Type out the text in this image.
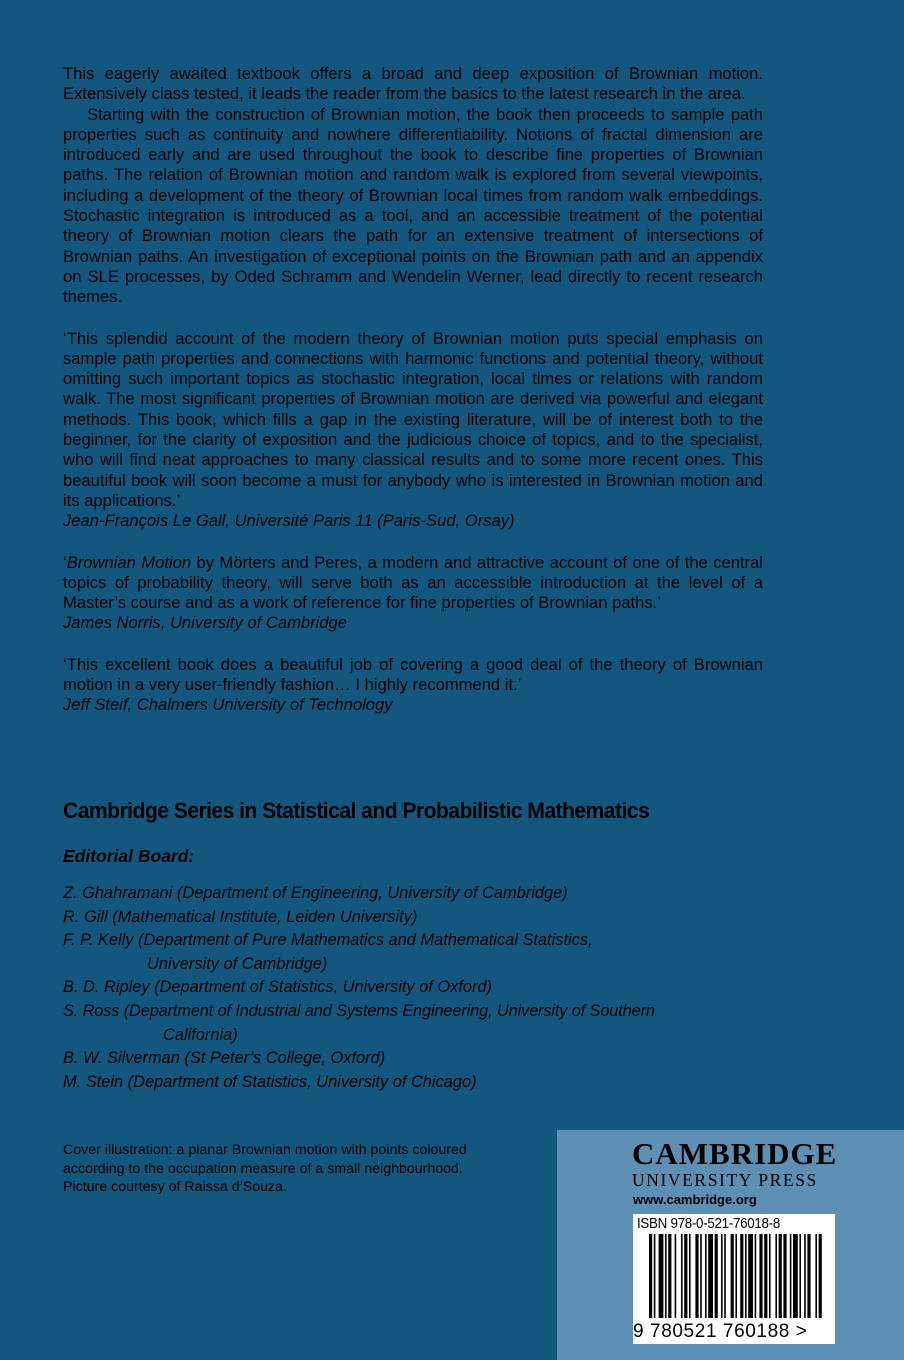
This eagerly awaited textbook offers a broad and deep exposition of Brownian motion. Extensively class tested, it leads the reader from the basics to the latest research in the area.

Starting with the construction of Brownian motion, the book then proceeds to sample path properties such as continuity and nowhere differentiability. Notions of fractal dimension are introduced early and are used throughout the book to describe fine properties of Brownian paths. The relation of Brownian motion and random walk is explored from several viewpoints, including a development of the theory of Brownian local times from random walk embeddings. Stochastic integration is introduced as a tool, and an accessible treatment of the potential theory of Brownian motion clears the path for an extensive treatment of intersections of Brownian paths. An investigation of exceptional points on the Brownian path and an appendix on SLE processes, by Oded Schramm and Wendelin Werner, lead directly to recent research themes.

‘This splendid account of the modern theory of Brownian motion puts special emphasis on sample path properties and connections with harmonic functions and potential theory, without omitting such important topics as stochastic integration, local times or relations with random walk. The most significant properties of Brownian motion are derived via powerful and elegant methods. This book, which fills a gap in the existing literature, will be of interest both to the beginner, for the clarity of exposition and the judicious choice of topics, and to the specialist, who will find neat approaches to many classical results and to some more recent ones. This beautiful book will soon become a must for anybody who is interested in Brownian motion and its applications.’

Jean-François Le Gall, Université Paris 11 (Paris-Sud, Orsay)

‘Brownian Motion by Mörters and Peres, a modern and attractive account of one of the central topics of probability theory, will serve both as an accessible introduction at the level of a Master’s course and as a work of reference for fine properties of Brownian paths.’

James Norris, University of Cambridge

‘This excellent book does a beautiful job of covering a good deal of the theory of Brownian motion in a very user-friendly fashion… I highly recommend it.’

Jeff Steif, Chalmers University of Technology

Cambridge Series in Statistical and Probabilistic Mathematics
Editorial Board:
Z. Ghahramani (Department of Engineering, University of Cambridge)
R. Gill (Mathematical Institute, Leiden University)
F. P. Kelly (Department of Pure Mathematics and Mathematical Statistics,
University of Cambridge)
B. D. Ripley (Department of Statistics, University of Oxford)
S. Ross (Department of Industrial and Systems Engineering, University of Southern
California)
B. W. Silverman (St Peter’s College, Oxford)
M. Stein (Department of Statistics, University of Chicago)

Cover illustration: a planar Brownian motion with points coloured

according to the occupation measure of a small neighbourhood.

Picture courtesy of Raissa d’Souza.

CAMBRIDGE
UNIVERSITY PRESS
www.cambridge.org
ISBN 978-0-521-76018-8
9 780521 760188 >
